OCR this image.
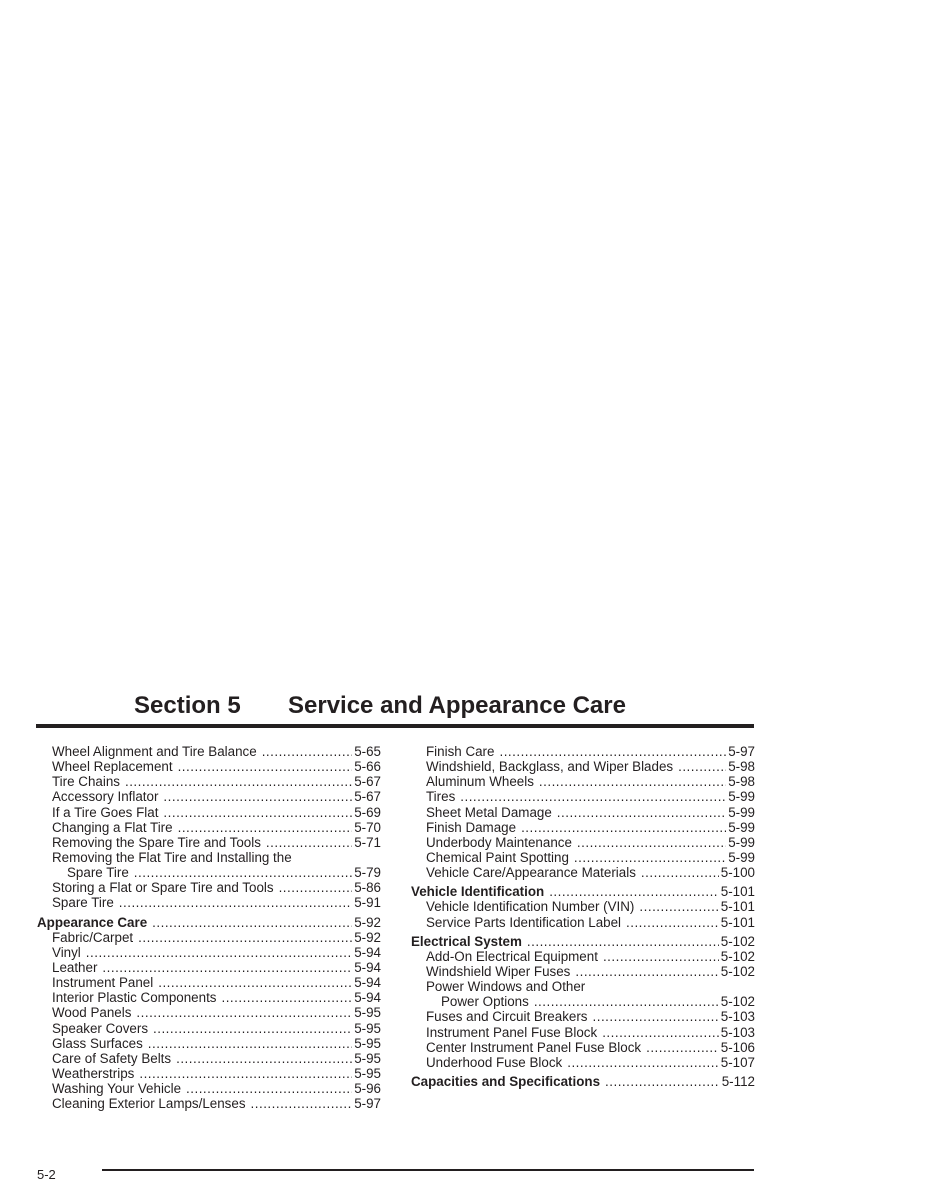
Section 5 Service and Appearance Care
Wheel Alignment and Tire Balance .....	5-65
Wheel Replacement .....	5-66
Tire Chains .....	5-67
Accessory Inflator .....	5-67
If a Tire Goes Flat .....	5-69
Changing a Flat Tire .....	5-70
Removing the Spare Tire and Tools .....	5-71
Removing the Flat Tire and Installing the
Spare Tire .....	5-79
Storing a Flat or Spare Tire and Tools .....	5-86
Spare Tire .....	5-91
Appearance Care .....	5-92
Fabric/Carpet .....	5-92
Vinyl .....	5-94
Leather .....	5-94
Instrument Panel .....	5-94
Interior Plastic Components .....	5-94
Wood Panels .....	5-95
Speaker Covers .....	5-95
Glass Surfaces .....	5-95
Care of Safety Belts .....	5-95
Weatherstrips .....	5-95
Washing Your Vehicle .....	5-96
Cleaning Exterior Lamps/Lenses .....	5-97
Finish Care .....	5-97
Windshield, Backglass, and Wiper Blades .....	5-98
Aluminum Wheels .....	5-98
Tires .....	5-99
Sheet Metal Damage .....	5-99
Finish Damage .....	5-99
Underbody Maintenance .....	5-99
Chemical Paint Spotting .....	5-99
Vehicle Care/Appearance Materials .....	5-100
Vehicle Identification .....	5-101
Vehicle Identification Number (VIN) .....	5-101
Service Parts Identification Label .....	5-101
Electrical System .....	5-102
Add-On Electrical Equipment .....	5-102
Windshield Wiper Fuses .....	5-102
Power Windows and Other
Power Options .....	5-102
Fuses and Circuit Breakers .....	5-103
Instrument Panel Fuse Block .....	5-103
Center Instrument Panel Fuse Block .....	5-106
Underhood Fuse Block .....	5-107
Capacities and Specifications .....	5-112
5-2
